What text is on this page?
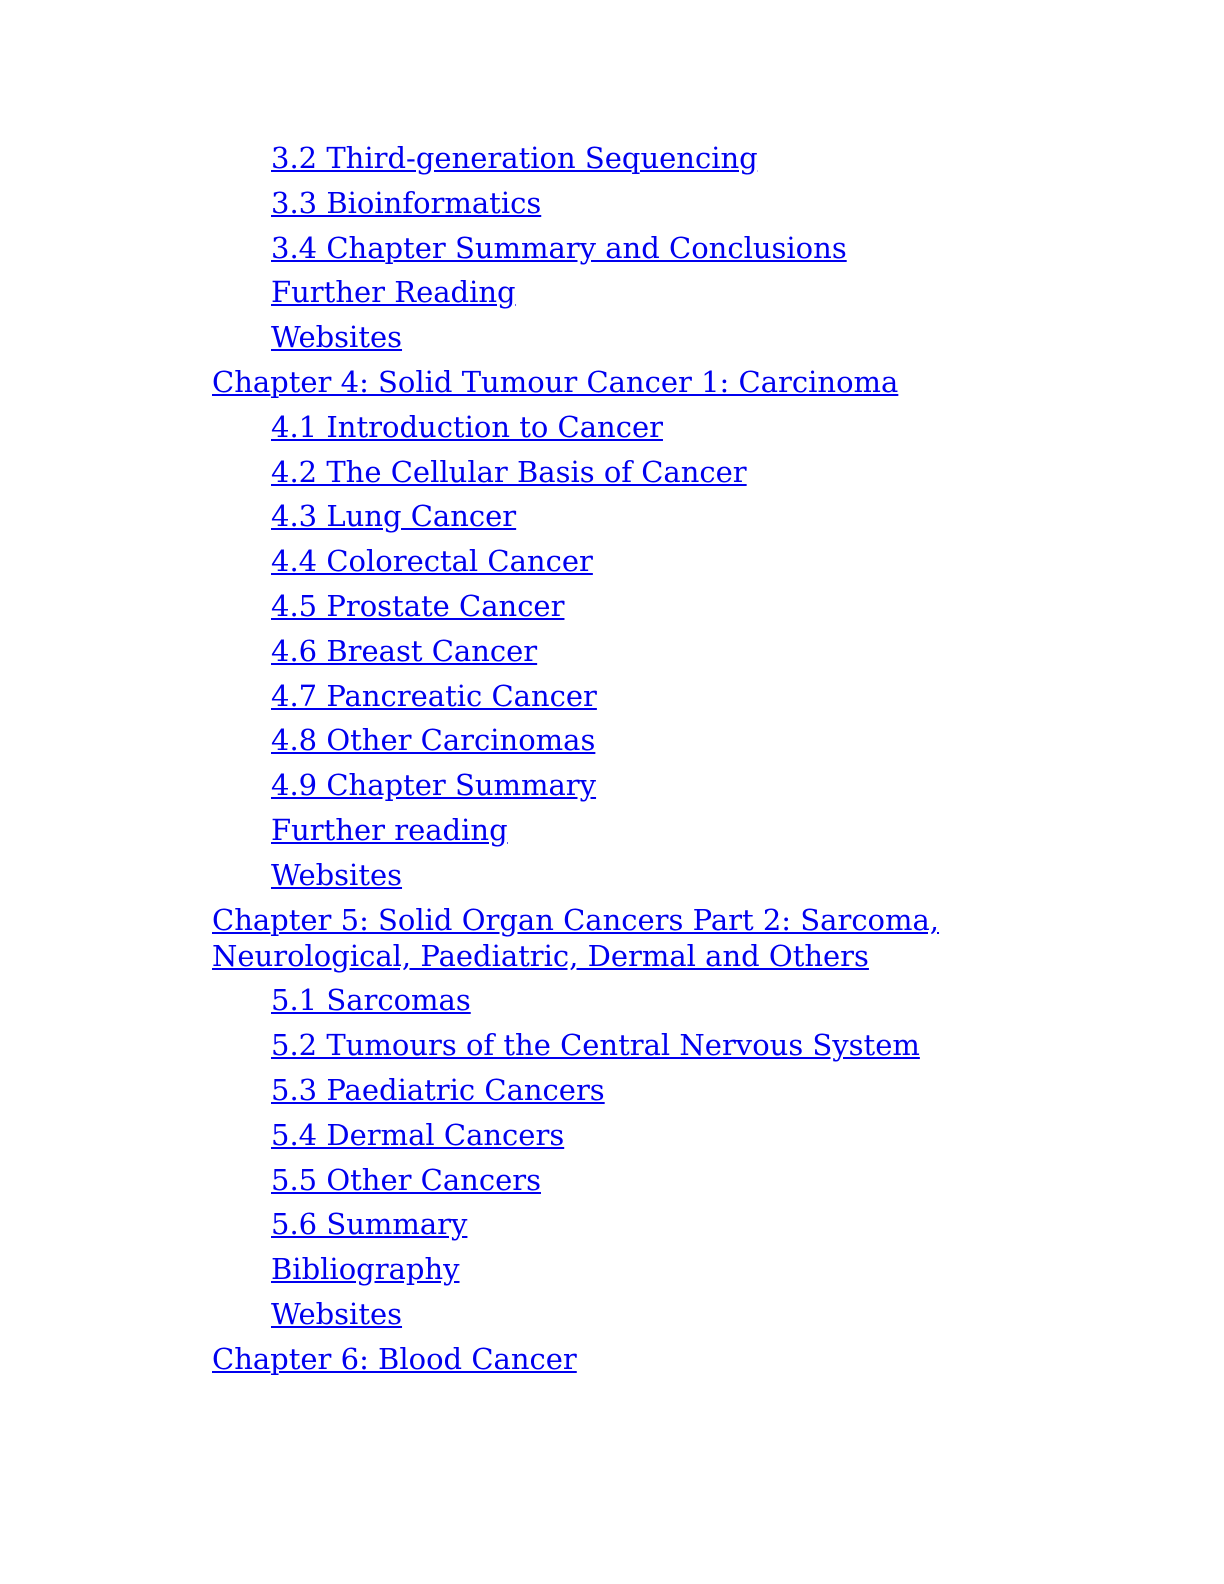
3.2 Third-generation Sequencing
3.3 Bioinformatics
3.4 Chapter Summary and Conclusions
Further Reading
Websites
Chapter 4: Solid Tumour Cancer 1: Carcinoma
4.1 Introduction to Cancer
4.2 The Cellular Basis of Cancer
4.3 Lung Cancer
4.4 Colorectal Cancer
4.5 Prostate Cancer
4.6 Breast Cancer
4.7 Pancreatic Cancer
4.8 Other Carcinomas
4.9 Chapter Summary
Further reading
Websites
Chapter 5: Solid Organ Cancers Part 2: Sarcoma, Neurological, Paediatric, Dermal and Others
5.1 Sarcomas
5.2 Tumours of the Central Nervous System
5.3 Paediatric Cancers
5.4 Dermal Cancers
5.5 Other Cancers
5.6 Summary
Bibliography
Websites
Chapter 6: Blood Cancer
